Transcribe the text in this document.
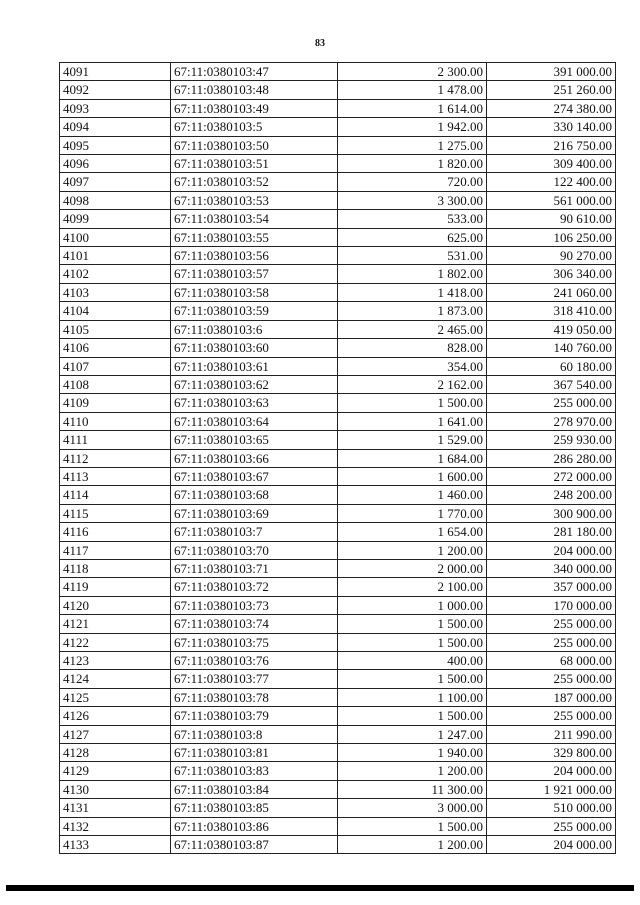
83
4091	67:11:0380103:47	2 300.00	391 000.00
4092	67:11:0380103:48	1 478.00	251 260.00
4093	67:11:0380103:49	1 614.00	274 380.00
4094	67:11:0380103:5	1 942.00	330 140.00
4095	67:11:0380103:50	1 275.00	216 750.00
4096	67:11:0380103:51	1 820.00	309 400.00
4097	67:11:0380103:52	720.00	122 400.00
4098	67:11:0380103:53	3 300.00	561 000.00
4099	67:11:0380103:54	533.00	90 610.00
4100	67:11:0380103:55	625.00	106 250.00
4101	67:11:0380103:56	531.00	90 270.00
4102	67:11:0380103:57	1 802.00	306 340.00
4103	67:11:0380103:58	1 418.00	241 060.00
4104	67:11:0380103:59	1 873.00	318 410.00
4105	67:11:0380103:6	2 465.00	419 050.00
4106	67:11:0380103:60	828.00	140 760.00
4107	67:11:0380103:61	354.00	60 180.00
4108	67:11:0380103:62	2 162.00	367 540.00
4109	67:11:0380103:63	1 500.00	255 000.00
4110	67:11:0380103:64	1 641.00	278 970.00
4111	67:11:0380103:65	1 529.00	259 930.00
4112	67:11:0380103:66	1 684.00	286 280.00
4113	67:11:0380103:67	1 600.00	272 000.00
4114	67:11:0380103:68	1 460.00	248 200.00
4115	67:11:0380103:69	1 770.00	300 900.00
4116	67:11:0380103:7	1 654.00	281 180.00
4117	67:11:0380103:70	1 200.00	204 000.00
4118	67:11:0380103:71	2 000.00	340 000.00
4119	67:11:0380103:72	2 100.00	357 000.00
4120	67:11:0380103:73	1 000.00	170 000.00
4121	67:11:0380103:74	1 500.00	255 000.00
4122	67:11:0380103:75	1 500.00	255 000.00
4123	67:11:0380103:76	400.00	68 000.00
4124	67:11:0380103:77	1 500.00	255 000.00
4125	67:11:0380103:78	1 100.00	187 000.00
4126	67:11:0380103:79	1 500.00	255 000.00
4127	67:11:0380103:8	1 247.00	211 990.00
4128	67:11:0380103:81	1 940.00	329 800.00
4129	67:11:0380103:83	1 200.00	204 000.00
4130	67:11:0380103:84	11 300.00	1 921 000.00
4131	67:11:0380103:85	3 000.00	510 000.00
4132	67:11:0380103:86	1 500.00	255 000.00
4133	67:11:0380103:87	1 200.00	204 000.00
